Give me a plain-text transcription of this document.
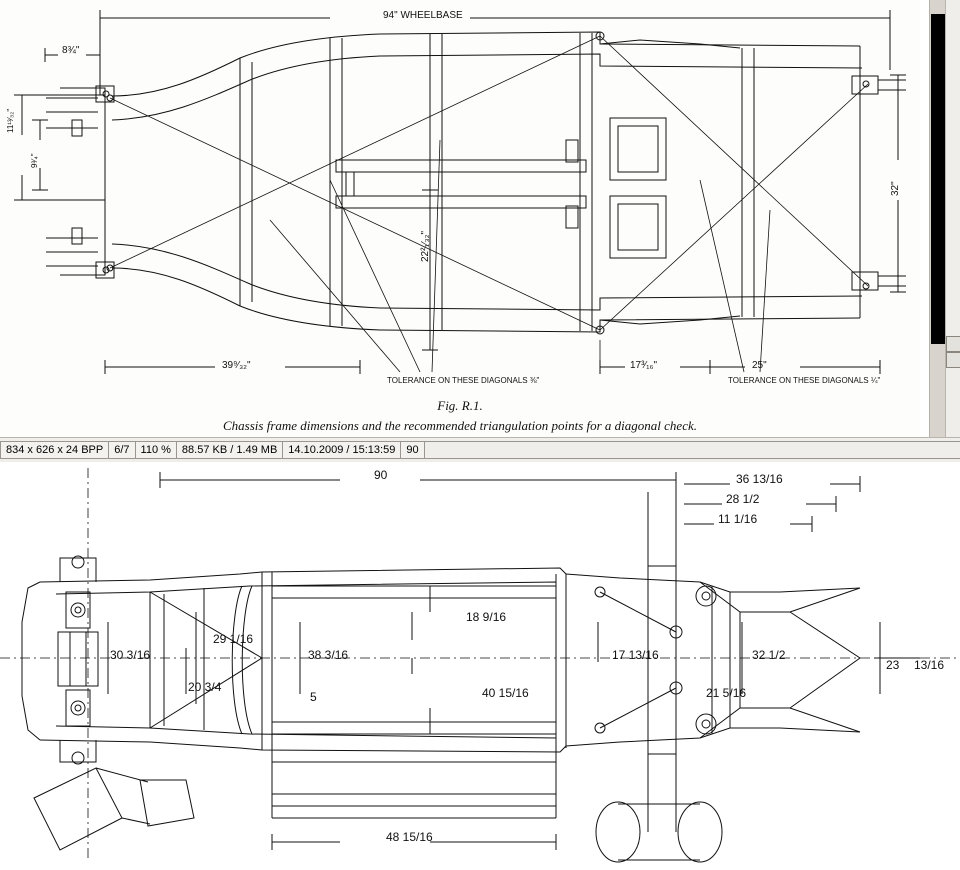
94" WHEELBASE
8¾"
11¹³⁄₃₂"
9³⁄₄"
22²₁⁄₃₂"
32"
39⁹⁄₃₂"	17³⁄₁₆"	25"
TOLERANCE ON THESE DIAGONALS ⅜"	TOLERANCE ON THESE DIAGONALS ¼"
Fig. R.1.
Chassis frame dimensions and the recommended triangulation points for a diagonal check.
834 x 626 x 24 BPP	6/7	110 %	88.57 KB / 1.49 MB	14.10.2009 / 15:13:59	90
90	36 13/16
28 1/2
11 1/16
30 3/16
29 1/16
38 3/16
20 3/4
5
18 9/16
40 15/16
17 13/16	32 1/2
21 5/16
23 13/16
48 15/16
